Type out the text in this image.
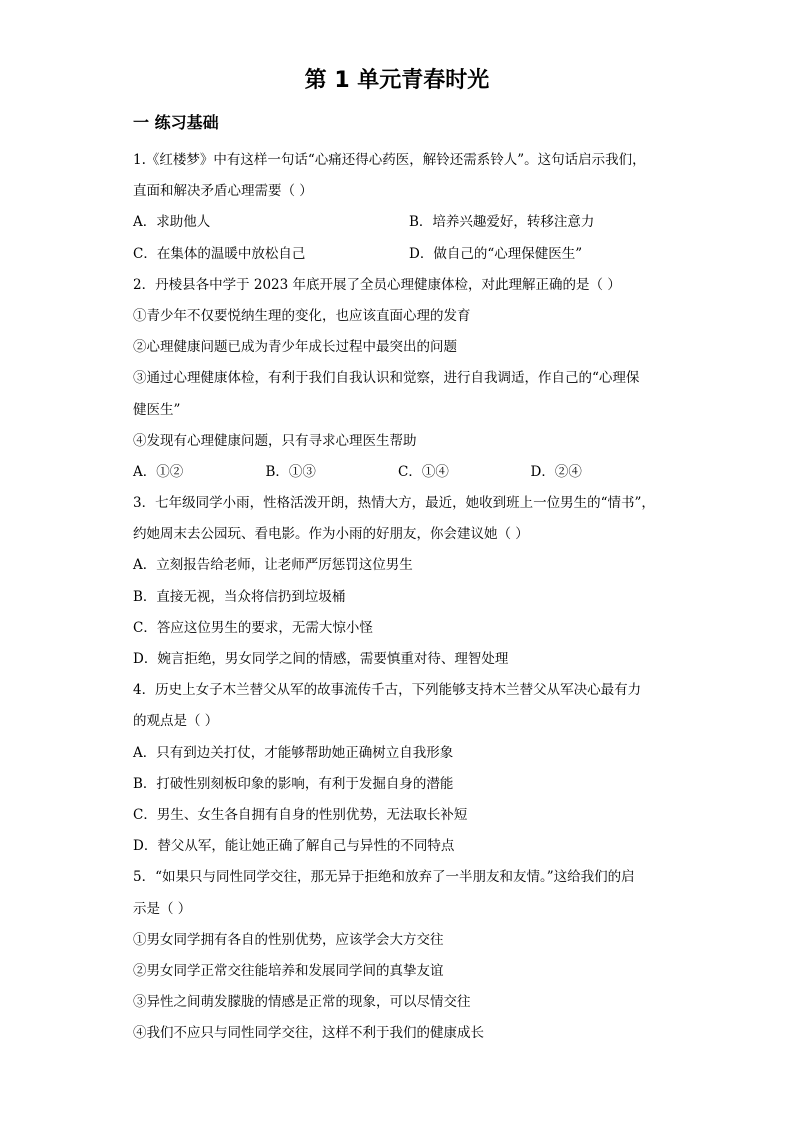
第 1 单元青春时光
一 练习基础
1.《红楼梦》中有这样一句话“心痛还得心药医，解铃还需系铃人”。这句话启示我们，
直面和解决矛盾心理需要（ ）
A．求助他人	B．培养兴趣爱好，转移注意力
C．在集体的温暖中放松自己	D．做自己的“心理保健医生”
2．丹棱县各中学于 2023 年底开展了全员心理健康体检，对此理解正确的是（ ）
①青少年不仅要悦纳生理的变化，也应该直面心理的发育
②心理健康问题已成为青少年成长过程中最突出的问题
③通过心理健康体检，有利于我们自我认识和觉察，进行自我调适，作自己的“心理保
健医生”
④发现有心理健康问题，只有寻求心理医生帮助
A．①②	B．①③	C．①④	D．②④
3．七年级同学小雨，性格活泼开朗，热情大方，最近，她收到班上一位男生的“情书”，
约她周末去公园玩、看电影。作为小雨的好朋友，你会建议她（ ）
A．立刻报告给老师，让老师严厉惩罚这位男生
B．直接无视，当众将信扔到垃圾桶
C．答应这位男生的要求，无需大惊小怪
D．婉言拒绝，男女同学之间的情感，需要慎重对待、理智处理
4．历史上女子木兰替父从军的故事流传千古，下列能够支持木兰替父从军决心最有力
的观点是（ ）
A．只有到边关打仗，才能够帮助她正确树立自我形象
B．打破性别刻板印象的影响，有利于发掘自身的潜能
C．男生、女生各自拥有自身的性别优势，无法取长补短
D．替父从军，能让她正确了解自己与异性的不同特点
5．“如果只与同性同学交往，那无异于拒绝和放弃了一半朋友和友情。”这给我们的启
示是（ ）
①男女同学拥有各自的性别优势，应该学会大方交往
②男女同学正常交往能培养和发展同学间的真挚友谊
③异性之间萌发朦胧的情感是正常的现象，可以尽情交往
④我们不应只与同性同学交往，这样不利于我们的健康成长
